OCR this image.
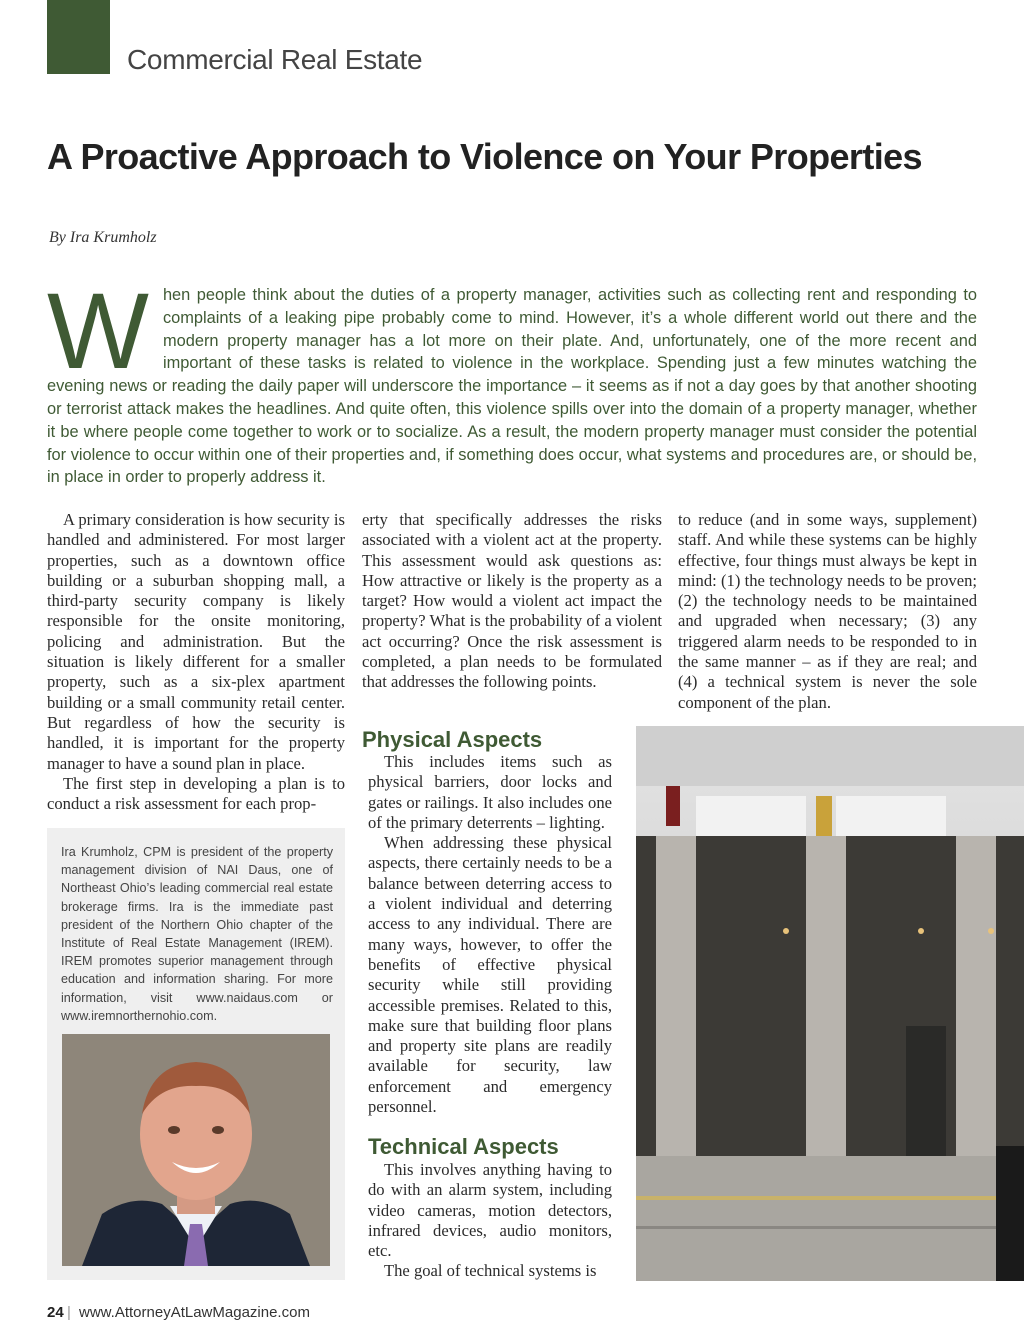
Commercial Real Estate
A Proactive Approach to Violence on Your Properties
By Ira Krumholz

When people think about the duties of a property manager, activities such as collecting rent and responding to complaints of a leaking pipe probably come to mind. However, it’s a whole different world out there and the modern property manager has a lot more on their plate. And, unfortunately, one of the more recent and important of these tasks is related to violence in the workplace. Spending just a few minutes watching the evening news or reading the daily paper will underscore the importance – it seems as if not a day goes by that another shooting or terrorist attack makes the headlines. And quite often, this violence spills over into the domain of a property manager, whether it be where people come together to work or to socialize. As a result, the modern property manager must consider the potential for violence to occur within one of their properties and, if something does occur, what systems and procedures are, or should be, in place in order to properly address it.

A primary consideration is how security is handled and administered. For most larger properties, such as a downtown office building or a suburban shopping mall, a third-party security company is likely responsible for the onsite monitoring, policing and administration. But the situation is likely different for a smaller property, such as a six-plex apartment building or a small community retail center. But regardless of how the security is handled, it is important for the property manager to have a sound plan in place.

The first step in developing a plan is to conduct a risk assessment for each prop-

erty that specifically addresses the risks associated with a violent act at the property. This assessment would ask questions as: How attractive or likely is the property as a target? How would a violent act impact the property? What is the probability of a violent act occurring? Once the risk assessment is completed, a plan needs to be formulated that addresses the following points.

Physical Aspects

This includes items such as physical barriers, door locks and gates or railings. It also includes one of the primary deterrents – lighting.

When addressing these physical aspects, there certainly needs to be a balance between deterring access to a violent individual and deterring access to any individual. There are many ways, however, to offer the benefits of effective physical security while still providing accessible premises. Related to this, make sure that building floor plans and property site plans are readily available for security, law enforcement and emergency personnel.

Technical Aspects

This involves anything having to do with an alarm system, including video cameras, motion detectors, infrared devices, audio monitors, etc.

The goal of technical systems is

to reduce (and in some ways, supplement) staff. And while these systems can be highly effective, four things must always be kept in mind: (1) the technology needs to be proven; (2) the technology needs to be maintained and upgraded when necessary; (3) any triggered alarm needs to be responded to in the same manner – as if they are real; and (4) a technical system is never the sole component of the plan.

Ira Krumholz, CPM is president of the property management division of NAI Daus, one of Northeast Ohio’s leading commercial real estate brokerage firms. Ira is the immediate past president of the Northern Ohio chapter of the Institute of Real Estate Management (IREM). IREM promotes superior management through education and information sharing. For more information, visit www.naidaus.com or www.iremnorthernohio.com.

24 | www.AttorneyAtLawMagazine.com
